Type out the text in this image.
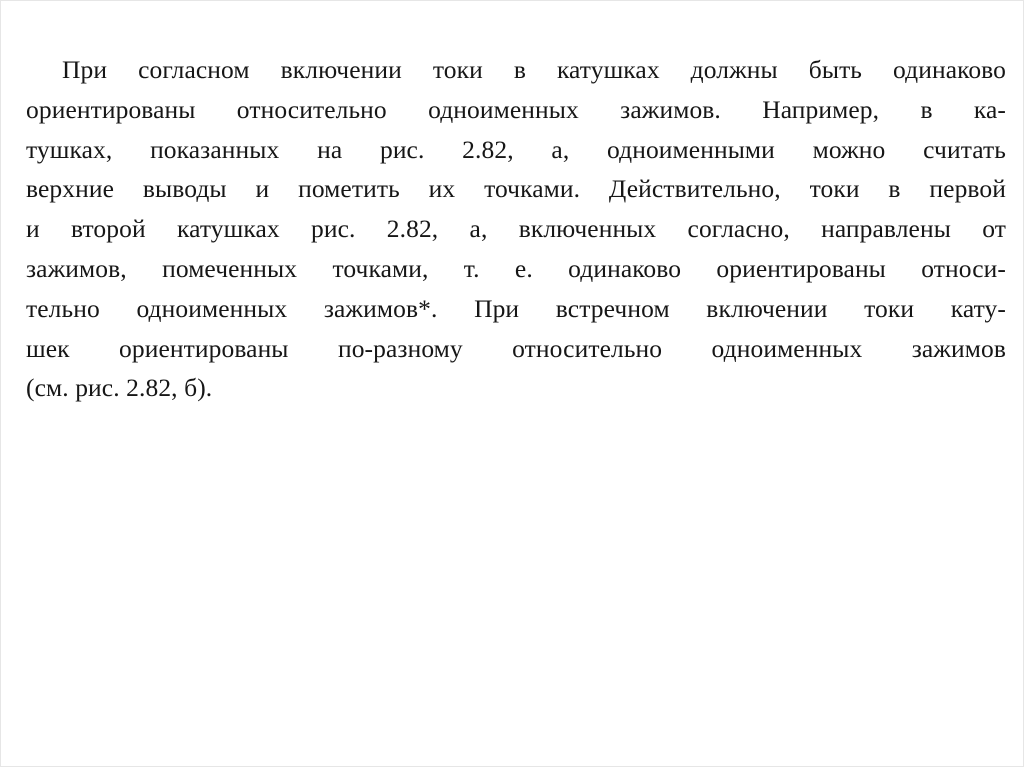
При согласном включении токи в катушках должны быть одинаково
ориентированы относительно одноименных зажимов. Например, в ка-
тушках, показанных на рис. 2.82, а, одноименными можно считать
верхние выводы и пометить их точками. Действительно, токи в первой
и второй катушках рис. 2.82, а, включенных согласно, направлены от
зажимов, помеченных точками, т. е. одинаково ориентированы относи-
тельно одноименных зажимов*. При встречном включении токи кату-
шек ориентированы по-разному относительно одноименных зажимов
(см. рис. 2.82, б).
